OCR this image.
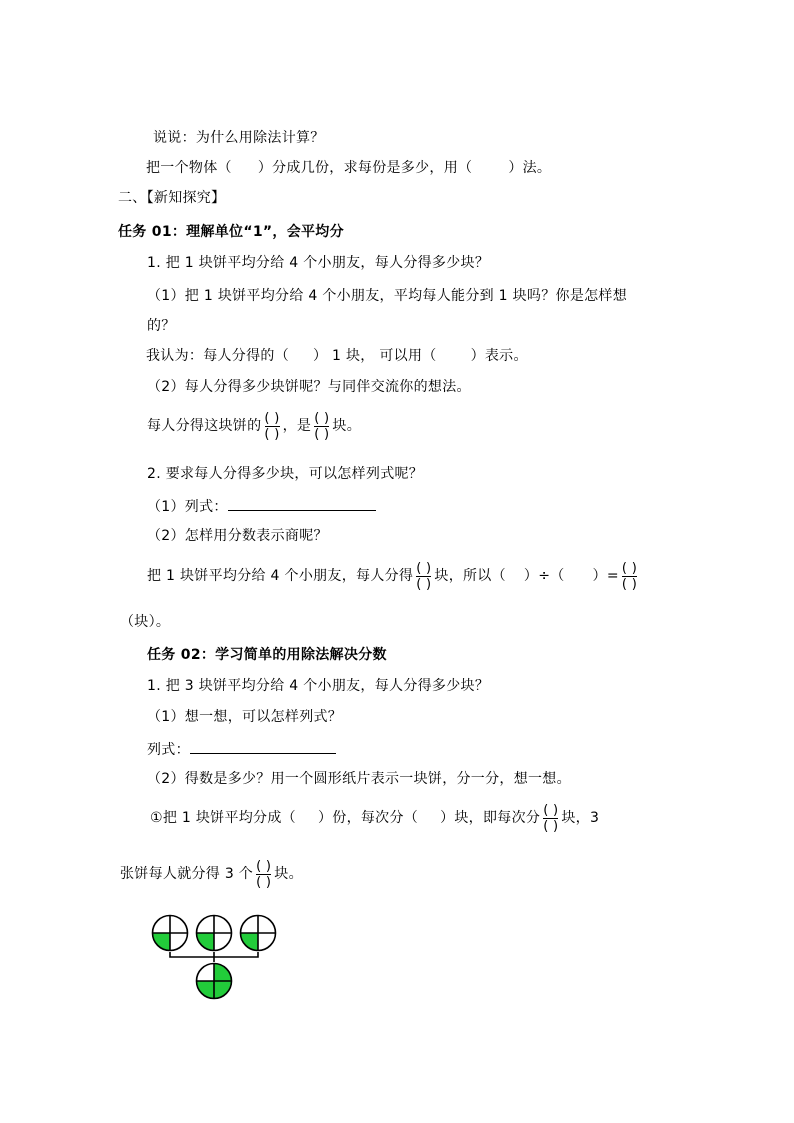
说说：为什么用除法计算？
把一个物体（ ）分成几份，求每份是多少，用（	）法。
二、【新知探究】
任务 01：理解单位“1”，会平均分
1. 把 1 块饼平均分给 4 个小朋友，每人分得多少块？
（1）把 1 块饼平均分给 4 个小朋友，平均每人能分到 1 块吗？你是怎样想
的？
我认为：每人分得的（ ） 1 块， 可以用（ ）表示。
（2）每人分得多少块饼呢？与同伴交流你的想法。
每人分得这块饼的 $\frac{( )}{( )}$ ，是 $\frac{( )}{( )}$ 块。
2. 要求每人分得多少块，可以怎样列式呢？
（1）列式：
（2）怎样用分数表示商呢？
把 1 块饼平均分给 4 个小朋友，每人分得 $\frac{( )}{( )}$ 块，所以（ ）÷（ ）= $\frac{( )}{( )}$
（块）。
任务 02：学习简单的用除法解决分数
1. 把 3 块饼平均分给 4 个小朋友，每人分得多少块？
（1）想一想，可以怎样列式？
列式：
（2）得数是多少？用一个圆形纸片表示一块饼，分一分，想一想。
①把 1 块饼平均分成（ ）份，每次分（ ）块，即每次分 $\frac{( )}{( )}$ 块，3
张饼每人就分得 3 个 $\frac{( )}{( )}$ 块。
